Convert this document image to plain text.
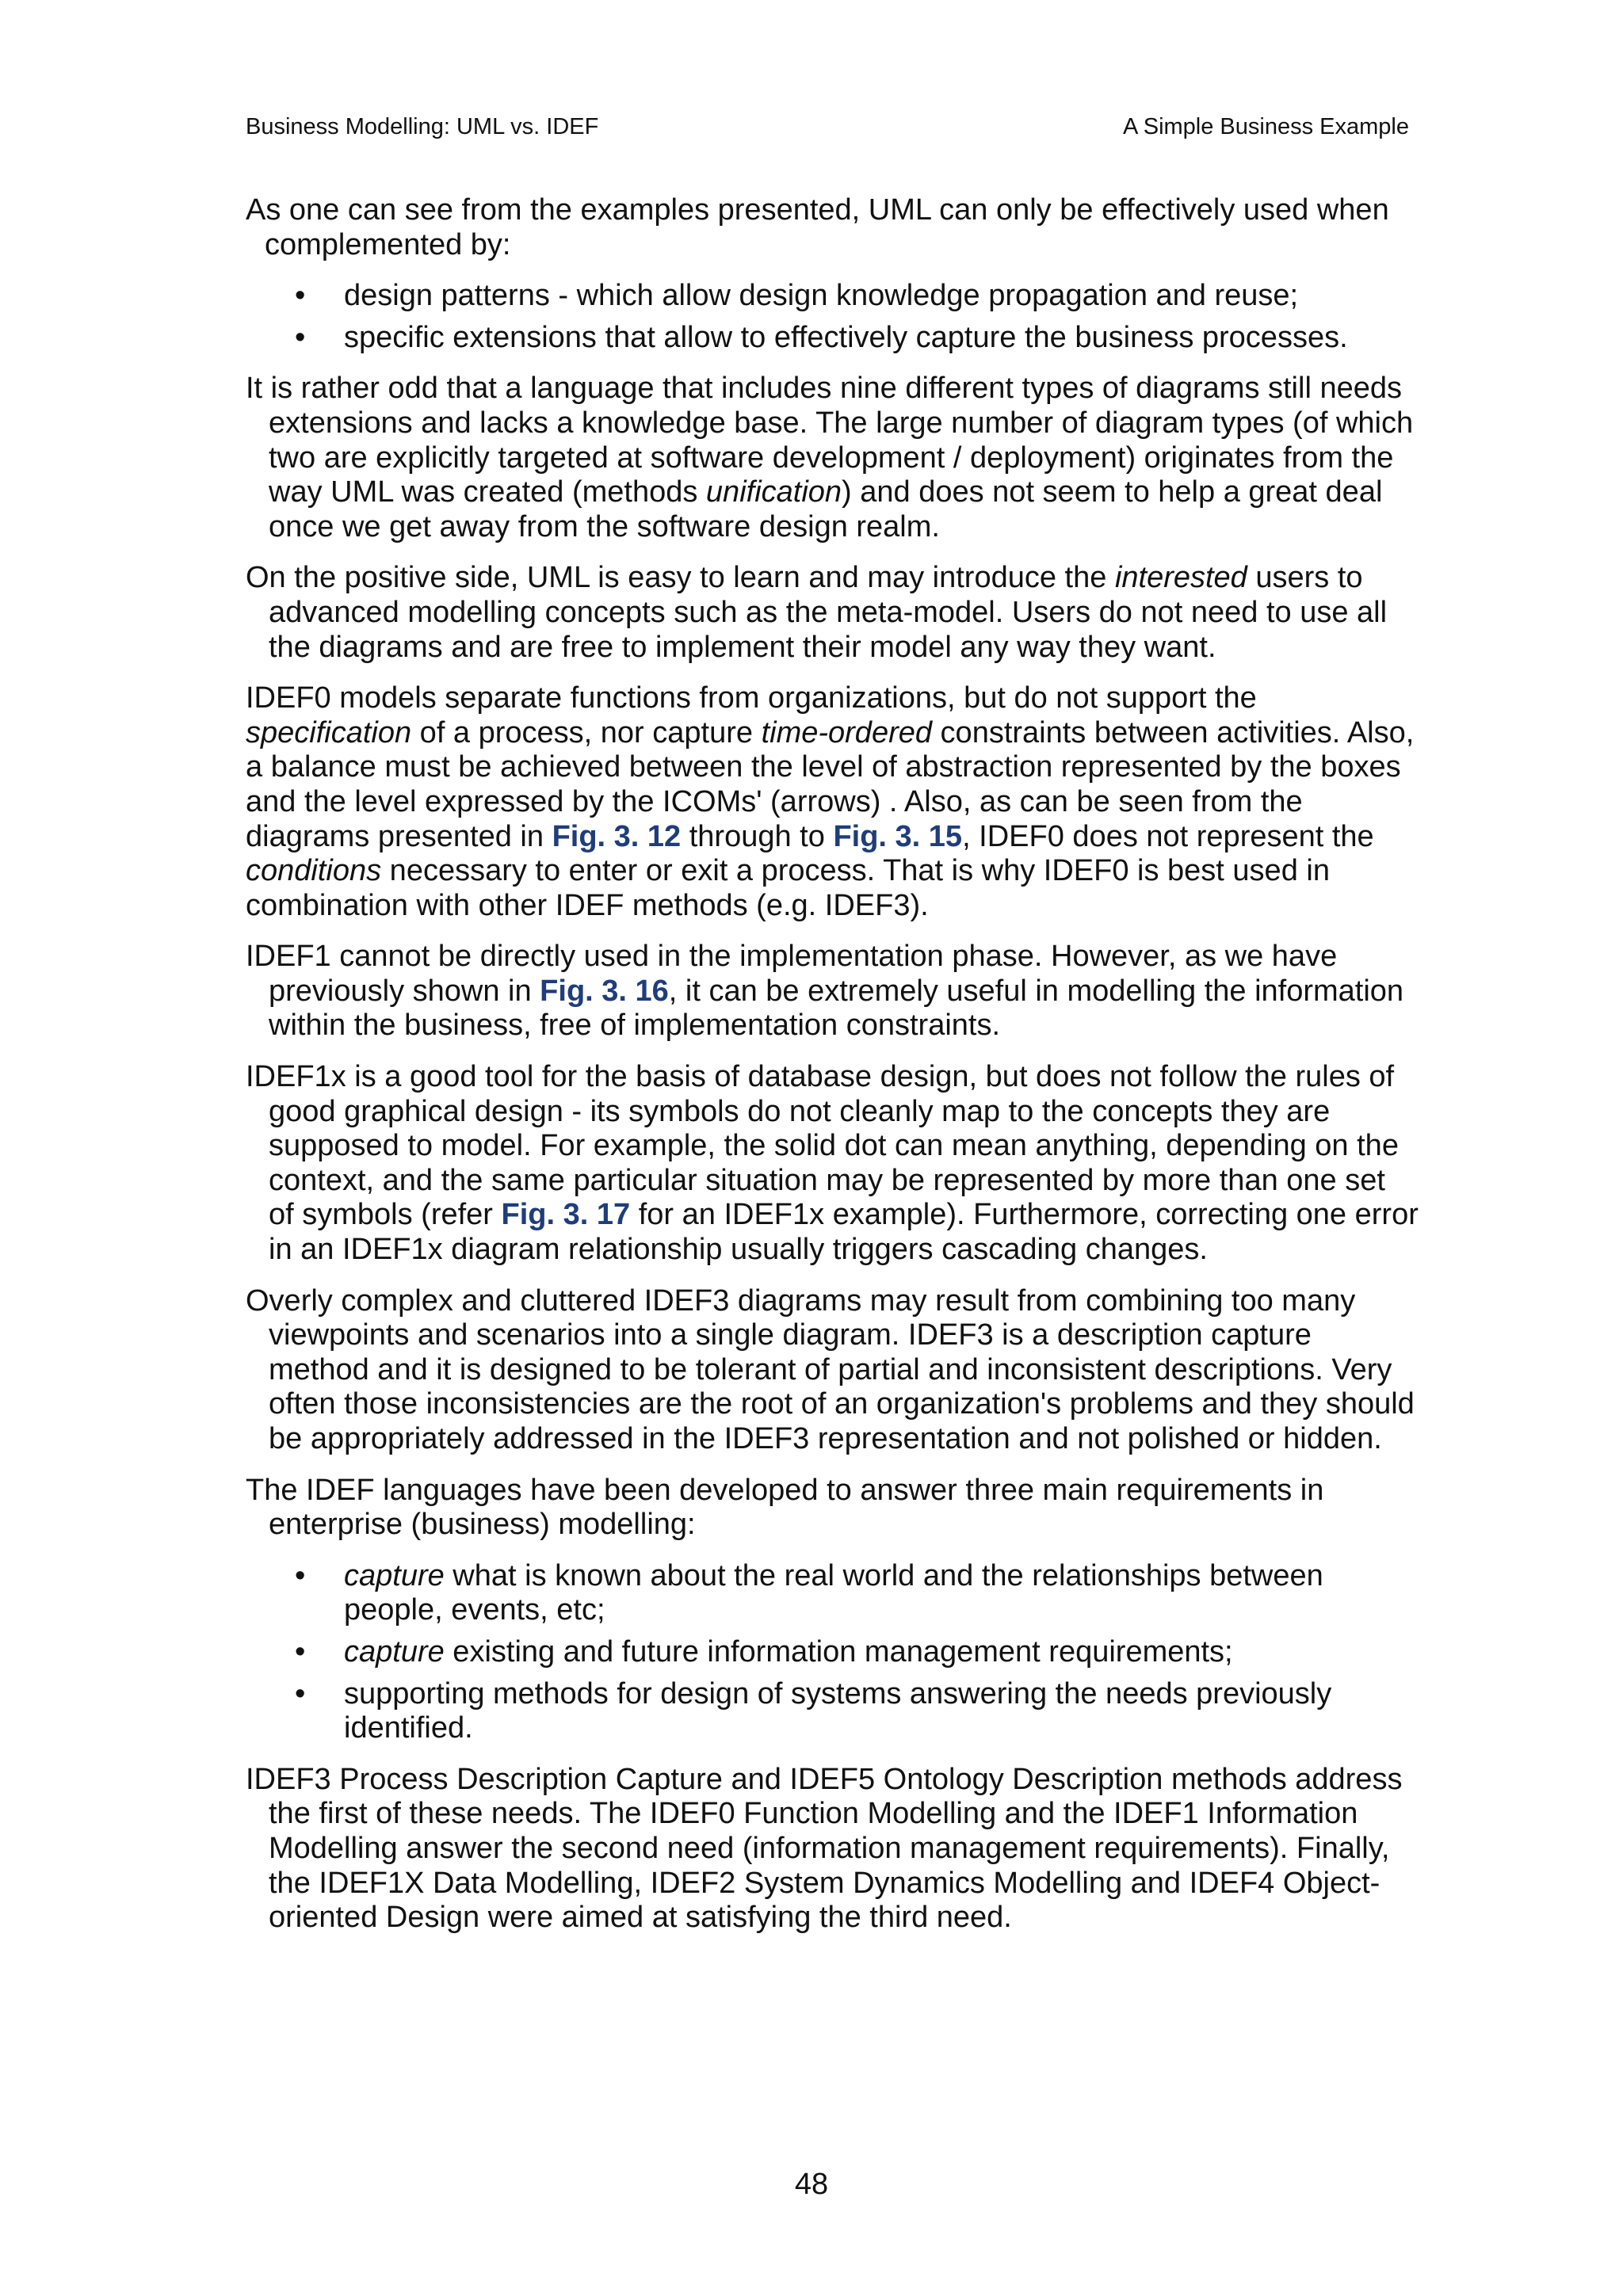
Business Modelling: UML vs. IDEF	A Simple Business Example

As one can see from the examples presented, UML can only be effectively used when complemented by:

• design patterns - which allow design knowledge propagation and reuse;
• specific extensions that allow to effectively capture the business processes.

It is rather odd that a language that includes nine different types of diagrams still needs extensions and lacks a knowledge base. The large number of diagram types (of which two are explicitly targeted at software development / deployment) originates from the way UML was created (methods unification) and does not seem to help a great deal once we get away from the software design realm.

On the positive side, UML is easy to learn and may introduce the interested users to advanced modelling concepts such as the meta-model. Users do not need to use all the diagrams and are free to implement their model any way they want.

IDEF0 models separate functions from organizations, but do not support the specification of a process, nor capture time-ordered constraints between activities. Also, a balance must be achieved between the level of abstraction represented by the boxes and the level expressed by the ICOMs' (arrows) . Also, as can be seen from the diagrams presented in Fig. 3. 12 through to Fig. 3. 15, IDEF0 does not represent the conditions necessary to enter or exit a process. That is why IDEF0 is best used in combination with other IDEF methods (e.g. IDEF3).

IDEF1 cannot be directly used in the implementation phase. However, as we have previously shown in Fig. 3. 16, it can be extremely useful in modelling the information within the business, free of implementation constraints.

IDEF1x is a good tool for the basis of database design, but does not follow the rules of good graphical design - its symbols do not cleanly map to the concepts they are supposed to model. For example, the solid dot can mean anything, depending on the context, and the same particular situation may be represented by more than one set of symbols (refer Fig. 3. 17 for an IDEF1x example). Furthermore, correcting one error in an IDEF1x diagram relationship usually triggers cascading changes.

Overly complex and cluttered IDEF3 diagrams may result from combining too many viewpoints and scenarios into a single diagram. IDEF3 is a description capture method and it is designed to be tolerant of partial and inconsistent descriptions. Very often those inconsistencies are the root of an organization's problems and they should be appropriately addressed in the IDEF3 representation and not polished or hidden.

The IDEF languages have been developed to answer three main requirements in enterprise (business) modelling:

• capture what is known about the real world and the relationships between people, events, etc;
• capture existing and future information management requirements;
• supporting methods for design of systems answering the needs previously identified.

IDEF3 Process Description Capture and IDEF5 Ontology Description methods address the first of these needs. The IDEF0 Function Modelling and the IDEF1 Information Modelling answer the second need (information management requirements). Finally, the IDEF1X Data Modelling, IDEF2 System Dynamics Modelling and IDEF4 Object-oriented Design were aimed at satisfying the third need.

48
